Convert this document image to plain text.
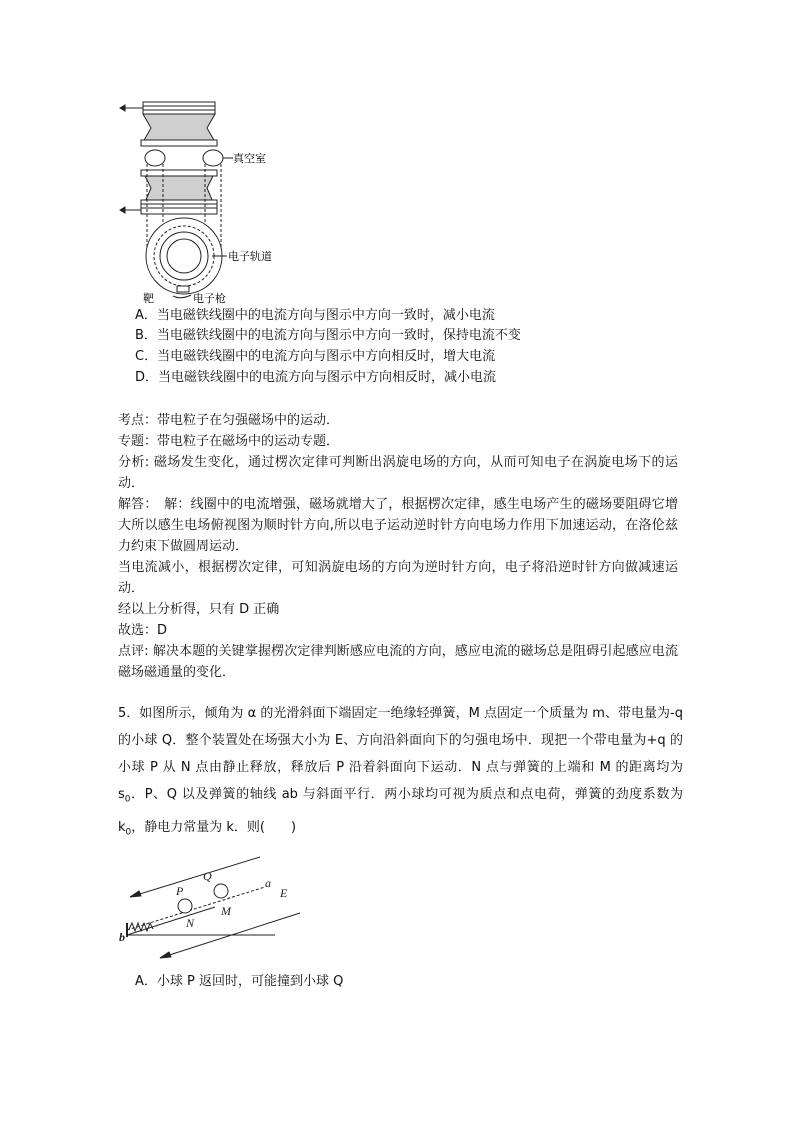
真空室
电子轨道
靶	电子枪
A．当电磁铁线圈中的电流方向与图示中方向一致时，减小电流
B．当电磁铁线圈中的电流方向与图示中方向一致时，保持电流不变
C．当电磁铁线圈中的电流方向与图示中方向相反时，增大电流
D．当电磁铁线圈中的电流方向与图示中方向相反时，减小电流

考点：带电粒子在匀强磁场中的运动．

专题：带电粒子在磁场中的运动专题．

分析: 磁场发生变化，通过楞次定律可判断出涡旋电场的方向，从而可知电子在涡旋电场下的运动．

解答：　解：线圈中的电流增强，磁场就增大了，根据楞次定律，感生电场产生的磁场要阻碍它增大所以感生电场俯视图为顺时针方向,所以电子运动逆时针方向电场力作用下加速运动，在洛伦兹力约束下做圆周运动．

当电流减小，根据楞次定律，可知涡旋电场的方向为逆时针方向，电子将沿逆时针方向做减速运动．

经以上分析得，只有 D 正确

故选：D

点评: 解决本题的关键掌握楞次定律判断感应电流的方向，感应电流的磁场总是阻碍引起感应电流磁场磁通量的变化．

5．如图所示，倾角为 α 的光滑斜面下端固定一绝缘轻弹簧，M 点固定一个质量为 m、带电量为-q 的小球 Q．整个装置处在场强大小为 E、方向沿斜面向下的匀强电场中．现把一个带电量为+q 的小球 P 从 N 点由静止释放，释放后 P 沿着斜面向下运动．N 点与弹簧的上端和 M 的距离均为 $s_0$．P、Q 以及弹簧的轴线 ab 与斜面平行．两小球均可视为质点和点电荷，弹簧的劲度系数为 $k_0$，静电力常量为 k．则(　　)

P
Q	a
M
N
E
b
A．小球 P 返回时，可能撞到小球 Q
